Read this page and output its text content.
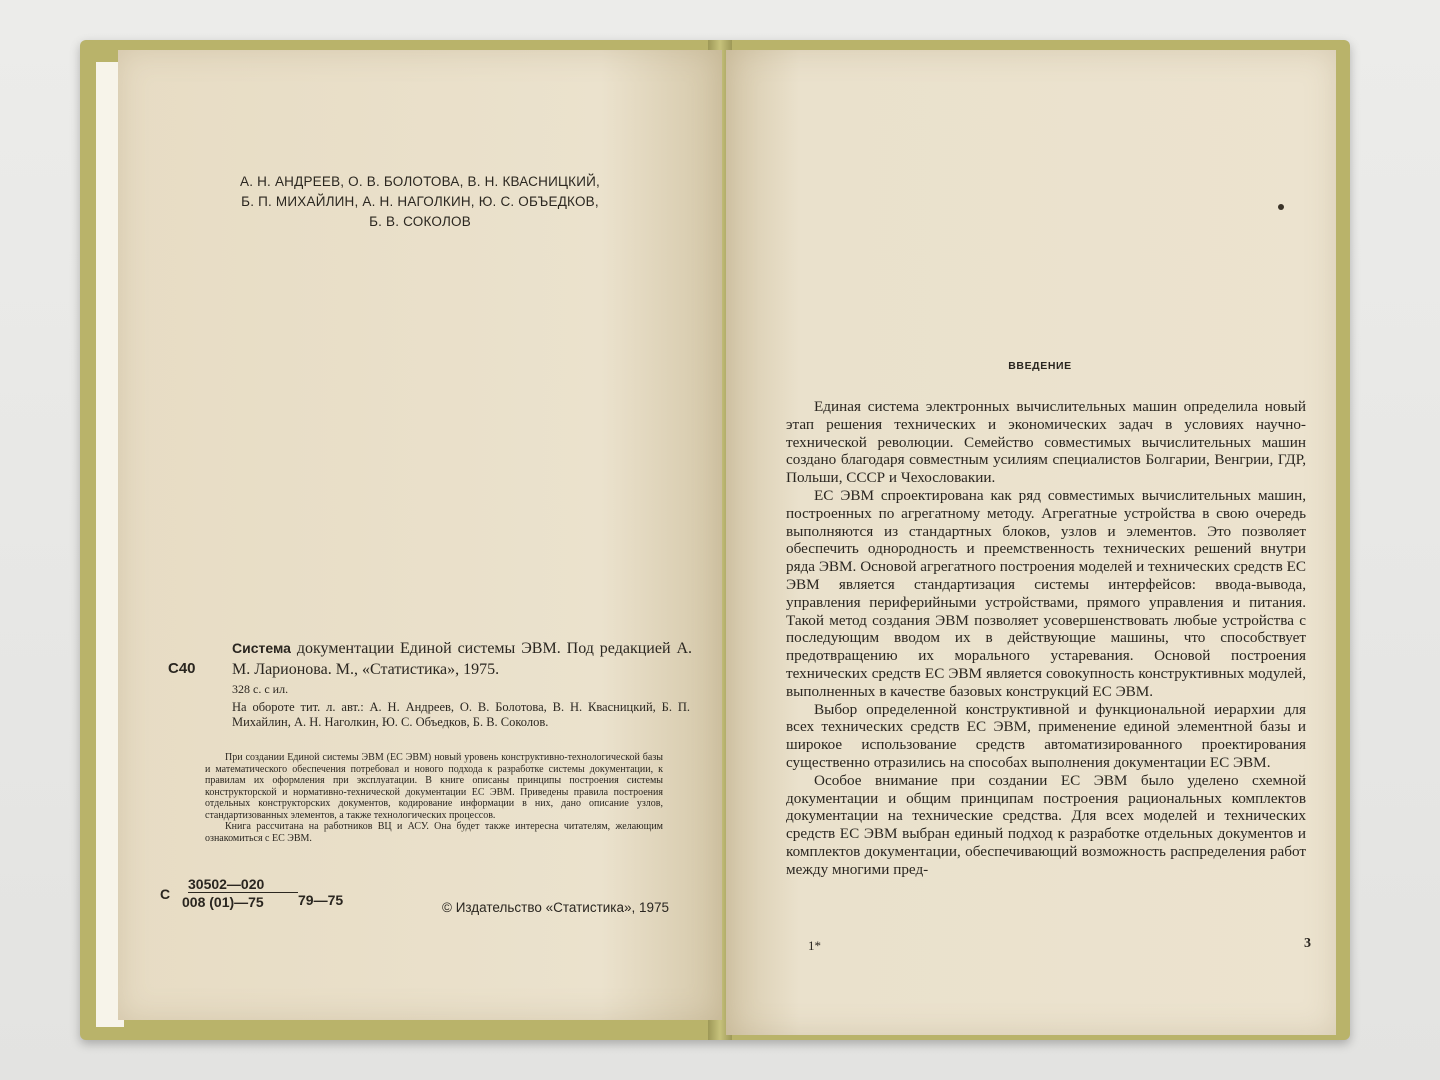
А. Н. АНДРЕЕВ, О. В. БОЛОТОВА, В. Н. КВАСНИЦКИЙ,
Б. П. МИХАЙЛИН, А. Н. НАГОЛКИН, Ю. С. ОБЪЕДКОВ,
Б. В. СОКОЛОВ
С40
Система документации Единой системы ЭВМ. Под редакцией А. М. Ларионова. М., «Статистика», 1975.
328 с. с ил.
На обороте тит. л. авт.: А. Н. Андреев, О. В. Болотова, В. Н. Квасницкий, Б. П. Михайлин, А. Н. Наголкин, Ю. С. Объедков, Б. В. Соколов.

При создании Единой системы ЭВМ (ЕС ЭВМ) новый уровень конструктивно-технологической базы и математического обеспечения потребовал и нового подхода к разработке системы документации, к правилам их оформления при эксплуатации. В книге описаны принципы построения системы конструкторской и нормативно-технической документации ЕС ЭВМ. Приведены правила построения отдельных конструкторских документов, кодирование информации в них, дано описание узлов, стандартизованных элементов, а также технологических процессов.

Книга рассчитана на работников ВЦ и АСУ. Она будет также интересна читателям, желающим ознакомиться с ЕС ЭВМ.

С
30502—020
008 (01)—75 79—75	© Издательство «Статистика», 1975
ВВЕДЕНИЕ

Единая система электронных вычислительных машин определила новый этап решения технических и экономических задач в условиях научно-технической революции. Семейство совместимых вычислительных машин создано благодаря совместным усилиям специалистов Болгарии, Венгрии, ГДР, Польши, СССР и Чехословакии.

ЕС ЭВМ спроектирована как ряд совместимых вычислительных машин, построенных по агрегатному методу. Агрегатные устройства в свою очередь выполняются из стандартных блоков, узлов и элементов. Это позволяет обеспечить однородность и преемственность технических решений внутри ряда ЭВМ. Основой агрегатного построения моделей и технических средств ЕС ЭВМ является стандартизация системы интерфейсов: ввода-вывода, управления периферийными устройствами, прямого управления и питания. Такой метод создания ЭВМ позволяет усовершенствовать любые устройства с последующим вводом их в действующие машины, что способствует предотвращению их морального устаревания. Основой построения технических средств ЕС ЭВМ является совокупность конструктивных модулей, выполненных в качестве базовых конструкций ЕС ЭВМ.

Выбор определенной конструктивной и функциональной иерархии для всех технических средств ЕС ЭВМ, применение единой элементной базы и широкое использование средств автоматизированного проектирования существенно отразились на способах выполнения документации ЕС ЭВМ.

Особое внимание при создании ЕС ЭВМ было уделено схемной документации и общим принципам построения рациональных комплектов документации на технические средства. Для всех моделей и технических средств ЕС ЭВМ выбран единый подход к разработке отдельных документов и комплектов документации, обеспечивающий возможность распределения работ между многими пред-

1*	3
